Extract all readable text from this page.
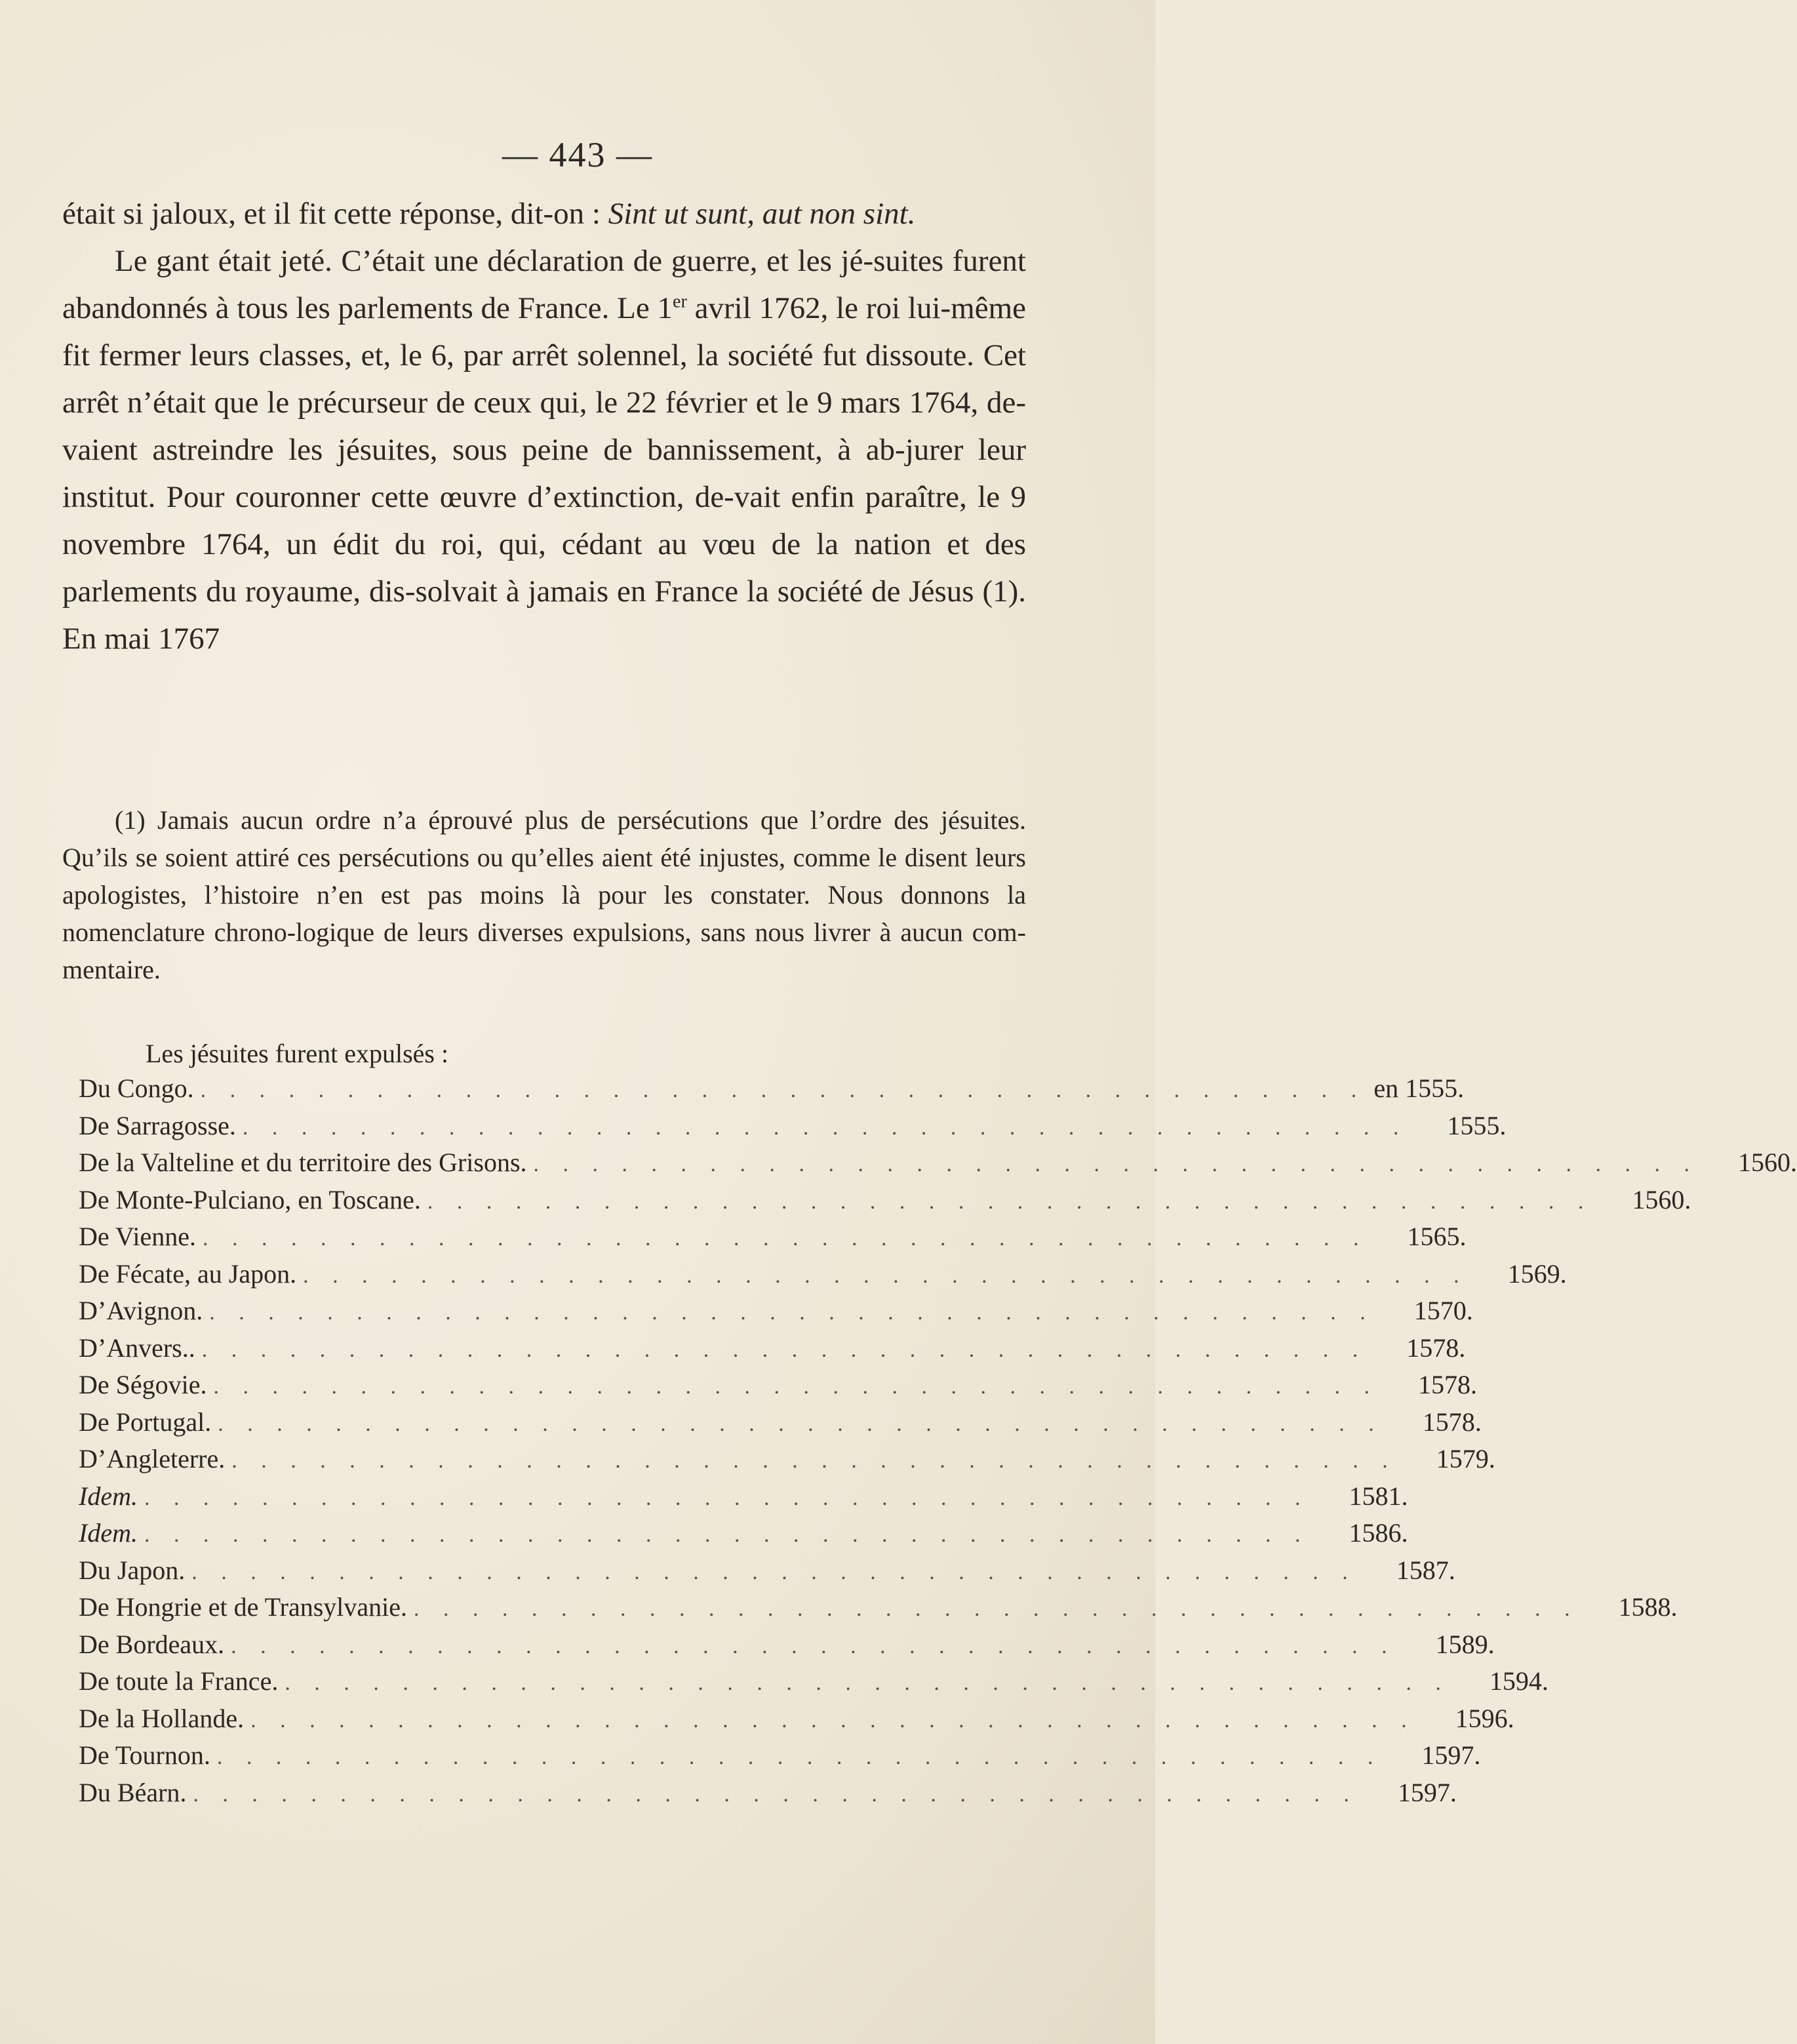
— 443 —

était si jaloux, et il fit cette réponse, dit-on : Sint ut sunt, aut non sint.

Le gant était jeté. C’était une déclaration de guerre, et les jé-suites furent abandonnés à tous les parlements de France. Le 1er avril 1762, le roi lui-même fit fermer leurs classes, et, le 6, par arrêt solennel, la société fut dissoute. Cet arrêt n’était que le précurseur de ceux qui, le 22 février et le 9 mars 1764, de-vaient astreindre les jésuites, sous peine de bannissement, à ab-jurer leur institut. Pour couronner cette œuvre d’extinction, de-vait enfin paraître, le 9 novembre 1764, un édit du roi, qui, cédant au vœu de la nation et des parlements du royaume, dis-solvait à jamais en France la société de Jésus (1). En mai 1767

(1) Jamais aucun ordre n’a éprouvé plus de persécutions que l’ordre des jésuites. Qu’ils se soient attiré ces persécutions ou qu’elles aient été injustes, comme le disent leurs apologistes, l’histoire n’en est pas moins là pour les constater. Nous donnons la nomenclature chrono-logique de leurs diverses expulsions, sans nous livrer à aucun com-mentaire.

Les jésuites furent expulsés :
Du Congo. . . . . . . . . . . . . . . . . . . . . . . . . . . . . . . . . . . . . . . . . en 1555.
De Sarragosse. . . . . . . . . . . . . . . . . . . . . . . . . . . . . . . . . . . . . . . . .	1555.
De la Valteline et du territoire des Grisons. . . . . . . . . . . . . . . . . . . . . . . . . . . . . . . . . . . . . . . . .	1560.
De Monte-Pulciano, en Toscane. . . . . . . . . . . . . . . . . . . . . . . . . . . . . . . . . . . . . . . . .	1560.
De Vienne. . . . . . . . . . . . . . . . . . . . . . . . . . . . . . . . . . . . . . . . .	1565.
De Fécate, au Japon. . . . . . . . . . . . . . . . . . . . . . . . . . . . . . . . . . . . . . . . .	1569.
D’Avignon. . . . . . . . . . . . . . . . . . . . . . . . . . . . . . . . . . . . . . . . .	1570.
D’Anvers.. . . . . . . . . . . . . . . . . . . . . . . . . . . . . . . . . . . . . . . . .	1578.
De Ségovie. . . . . . . . . . . . . . . . . . . . . . . . . . . . . . . . . . . . . . . . .	1578.
De Portugal. . . . . . . . . . . . . . . . . . . . . . . . . . . . . . . . . . . . . . . . .	1578.
D’Angleterre. . . . . . . . . . . . . . . . . . . . . . . . . . . . . . . . . . . . . . . . .	1579.
Idem. . . . . . . . . . . . . . . . . . . . . . . . . . . . . . . . . . . . . . . . .	1581.
Idem. . . . . . . . . . . . . . . . . . . . . . . . . . . . . . . . . . . . . . . . .	1586.
Du Japon. . . . . . . . . . . . . . . . . . . . . . . . . . . . . . . . . . . . . . . . .	1587.
De Hongrie et de Transylvanie. . . . . . . . . . . . . . . . . . . . . . . . . . . . . . . . . . . . . . . . .	1588.
De Bordeaux. . . . . . . . . . . . . . . . . . . . . . . . . . . . . . . . . . . . . . . . .	1589.
De toute la France. . . . . . . . . . . . . . . . . . . . . . . . . . . . . . . . . . . . . . . . .	1594.
De la Hollande. . . . . . . . . . . . . . . . . . . . . . . . . . . . . . . . . . . . . . . . .	1596.
De Tournon. . . . . . . . . . . . . . . . . . . . . . . . . . . . . . . . . . . . . . . . .	1597.
Du Béarn. . . . . . . . . . . . . . . . . . . . . . . . . . . . . . . . . . . . . . . . .	1597.
